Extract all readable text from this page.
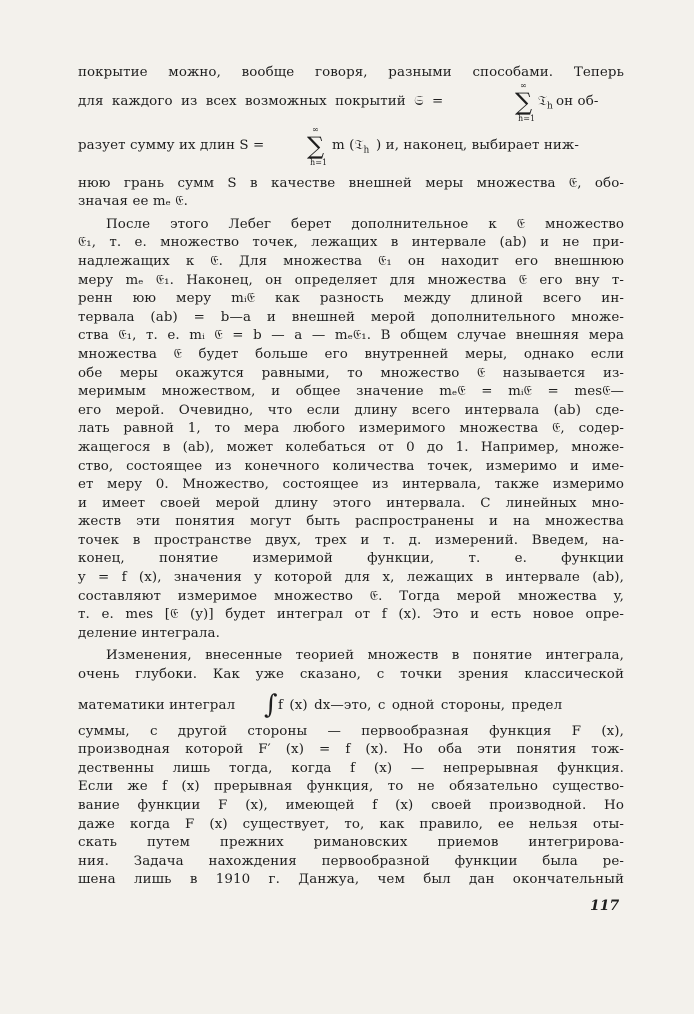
покрытие можно, вообще говоря, разными способами. Теперь
для каждого из всех возможных покрытий 𝔖 =
∞
∑
h=1
𝔗$_h$ он об-
разует сумму их длин S =
∞
∑
h=1
m (𝔗$_h$ ) и, наконец, выбирает ниж-
нюю грань сумм S в качестве внешней меры множества 𝔈, обо-
значая ее mₑ 𝔈.
После этого Лебег берет дополнительное к 𝔈 множество
𝔈₁, т. е. множество точек, лежащих в интервале (ab) и не при-
надлежащих к 𝔈. Для множества 𝔈₁ он находит его внешнюю
меру mₑ 𝔈₁. Наконец, он определяет для множества 𝔈 его вну т-
ренн юю меру mᵢ𝔈 как разность между длиной всего ин-
тервала (ab) = b—a и внешней мерой дополнительного множе-
ства 𝔈₁, т. е. mᵢ 𝔈 = b — a — mₑ𝔈₁. В общем случае внешняя мера
множества 𝔈 будет больше его внутренней меры, однако если
обе меры окажутся равными, то множество 𝔈 называется из-
меримым множеством, и общее значение mₑ𝔈 = mᵢ𝔈 = mes𝔈—
его мерой. Очевидно, что если длину всего интервала (ab) сде-
лать равной 1, то мера любого измеримого множества 𝔈, содер-
жащегося в (ab), может колебаться от 0 до 1. Например, множе-
ство, состоящее из конечного количества точек, измеримо и име-
ет меру 0. Множество, состоящее из интервала, также измеримо
и имеет своей мерой длину этого интервала. С линейных мно-
жеств эти понятия могут быть распространены и на множества
точек в пространстве двух, трех и т. д. измерений. Введем, на-
конец, понятие измеримой функции, т. е. функции
y = f (x), значения y которой для x, лежащих в интервале (ab),
составляют измеримое множество 𝔈. Тогда мерой множества y,
т. е. mes [𝔈 (y)] будет интеграл от f (x). Это и есть новое опре-
деление интеграла.
Изменения, внесенные теорией множеств в понятие интеграла,
очень глубоки. Как уже сказано, с точки зрения классической
математики интеграл ∫ f (x) dx—это, с одной стороны, предел
суммы, с другой стороны — первообразная функция F (x),
производная которой F′ (x) = f (x). Но оба эти понятия тож-
дественны лишь тогда, когда f (x) — непрерывная функция.
Если же f (x) прерывная функция, то не обязательно существо-
вание функции F (x), имеющей f (x) своей производной. Но
даже когда F (x) существует, то, как правило, ее нельзя оты-
скать путем прежних римановских приемов интегрирова-
ния. Задача нахождения первообразной функции была ре-
шена лишь в 1910 г. Данжуа, чем был дан окончательный
117
